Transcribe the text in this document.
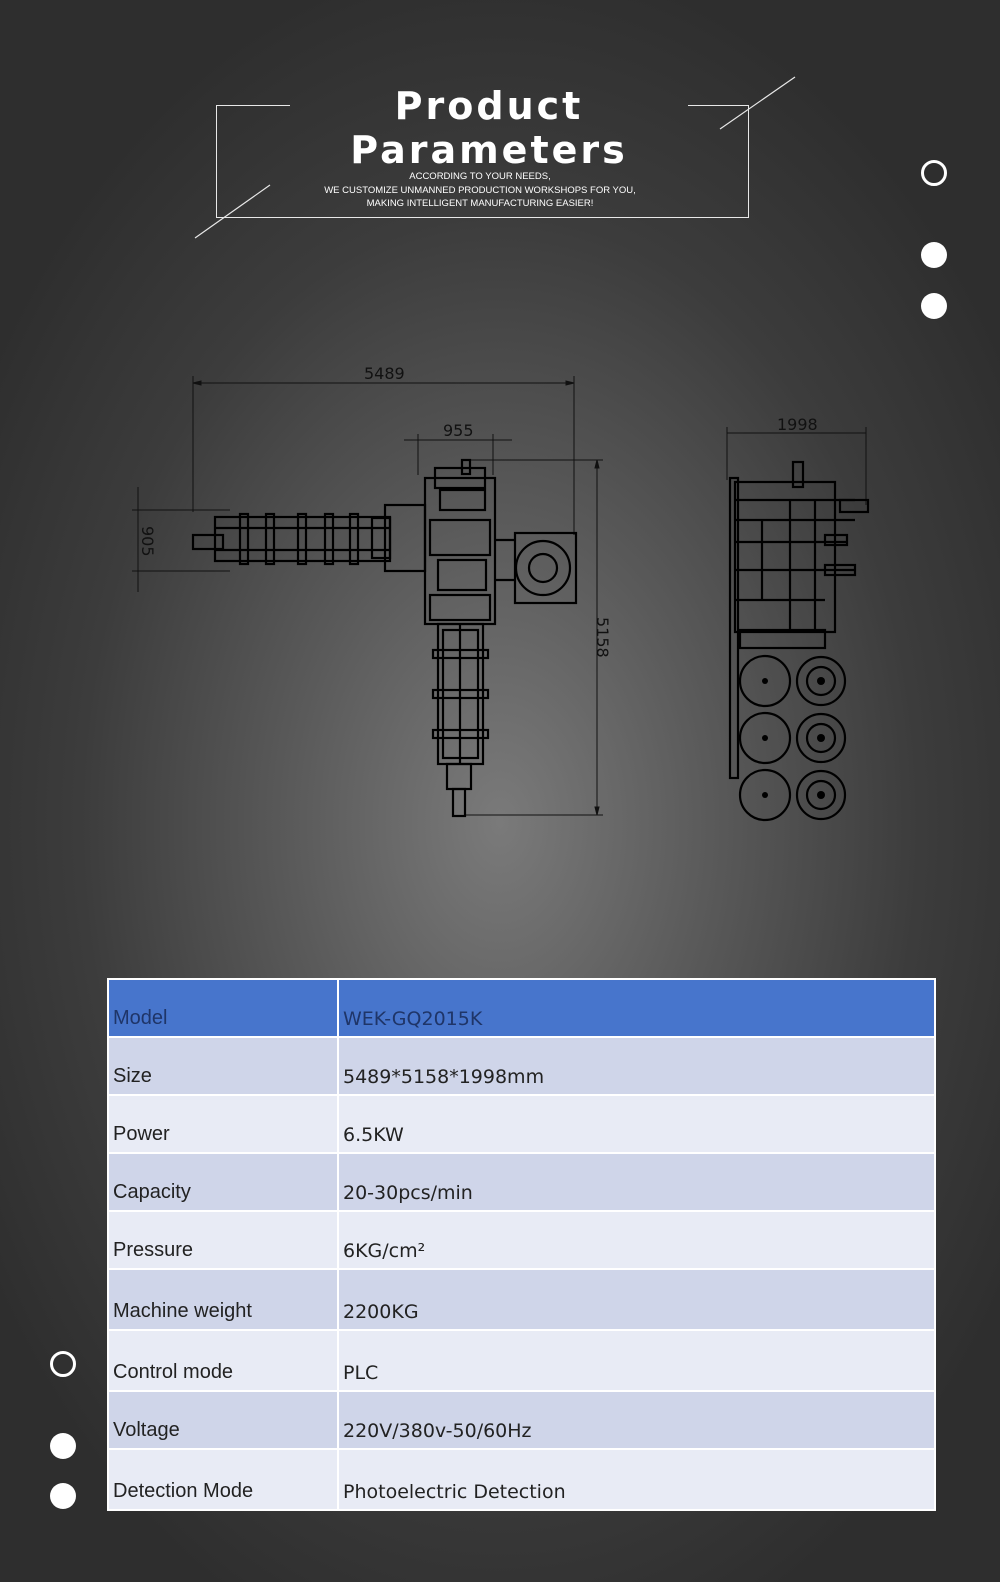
Product Parameters
ACCORDING TO YOUR NEEDS,
WE CUSTOMIZE UNMANNED PRODUCTION WORKSHOPS FOR YOU,
MAKING INTELLIGENT MANUFACTURING EASIER!
5489
955	1998
905
5158
Model	WEK-GQ2015K
Size	5489*5158*1998mm
Power	6.5KW
Capacity	20-30pcs/min
Pressure	6KG/cm²
Machine weight	2200KG
Control mode	PLC
Voltage	220V/380v-50/60Hz
Detection Mode	Photoelectric Detection
